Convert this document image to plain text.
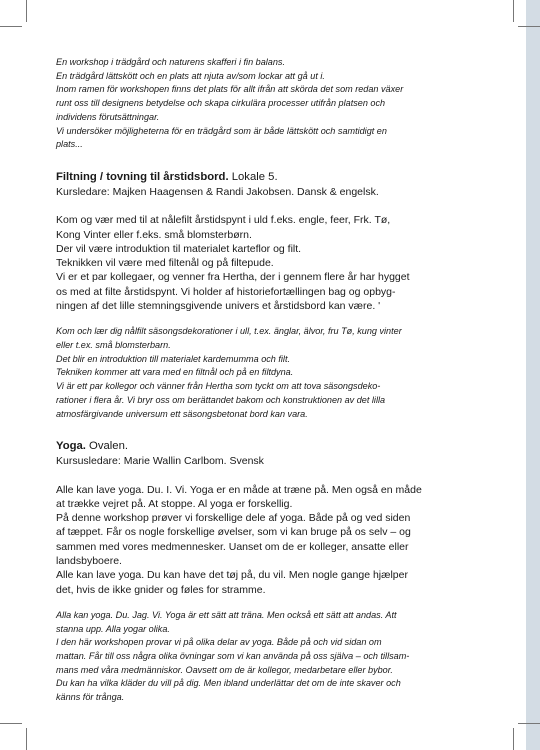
En workshop i trädgård och naturens skafferi i fin balans.

En trädgård lättskött och en plats att njuta av/som lockar att gå ut i.

Inom ramen för workshopen finns det plats för allt ifrån att skörda det som redan växer

runt oss till designens betydelse och skapa cirkulära processer utifrån platsen och

individens förutsättningar.

Vi undersöker möjligheterna för en trädgård som är både lättskött och samtidigt en

plats...

Filtning / tovning til årstidsbord. Lokale 5.

Kursledare: Majken Haagensen & Randi Jakobsen. Dansk & engelsk.

Kom og vær med til at nålefilt årstidspynt i uld f.eks. engle, feer, Frk. Tø,

Kong Vinter eller f.eks. små blomsterbørn.

Der vil være introduktion til materialet karteflor og filt.

Teknikken vil være med filtenål og på filtepude.

Vi er et par kollegaer, og venner fra Hertha, der i gennem flere år har hygget

os med at filte årstidspynt. Vi holder af historiefortællingen bag og opbyg-

ningen af det lille stemningsgivende univers et årstidsbord kan være. '

Kom och lær dig nålfilt säsongsdekorationer i ull, t.ex. änglar, älvor, fru Tø, kung vinter

eller t.ex. små blomsterbarn.

Det blir en introduktion till materialet kardemumma och filt.

Tekniken kommer att vara med en filtnål och på en filtdyna.

Vi är ett par kollegor och vänner från Hertha som tyckt om att tova säsongsdeko-

rationer i flera år. Vi bryr oss om berättandet bakom och konstruktionen av det lilla

atmosfärgivande universum ett säsongsbetonat bord kan vara.

Yoga. Ovalen.

Kursusledare: Marie Wallin Carlbom. Svensk

Alle kan lave yoga. Du. I. Vi. Yoga er en måde at træne på. Men også en måde

at trække vejret på. At stoppe. Al yoga er forskellig.

På denne workshop prøver vi forskellige dele af yoga. Både på og ved siden

af tæppet. Får os nogle forskellige øvelser, som vi kan bruge på os selv – og

sammen med vores medmennesker. Uanset om de er kolleger, ansatte eller

landsbyboere.

Alle kan lave yoga. Du kan have det tøj på, du vil. Men nogle gange hjælper

det, hvis de ikke gnider og føles for stramme.

Alla kan yoga. Du. Jag. Vi. Yoga är ett sätt att träna. Men också ett sätt att andas. Att

stanna upp. Alla yogar olika.

I den här workshopen provar vi på olika delar av yoga. Både på och vid sidan om

mattan. Får till oss några olika övningar som vi kan använda på oss själva – och tillsam-

mans med våra medmänniskor. Oavsett om de är kollegor, medarbetare eller bybor.

Du kan ha vilka kläder du vill på dig. Men ibland underlättar det om de inte skaver och

känns för trånga.
